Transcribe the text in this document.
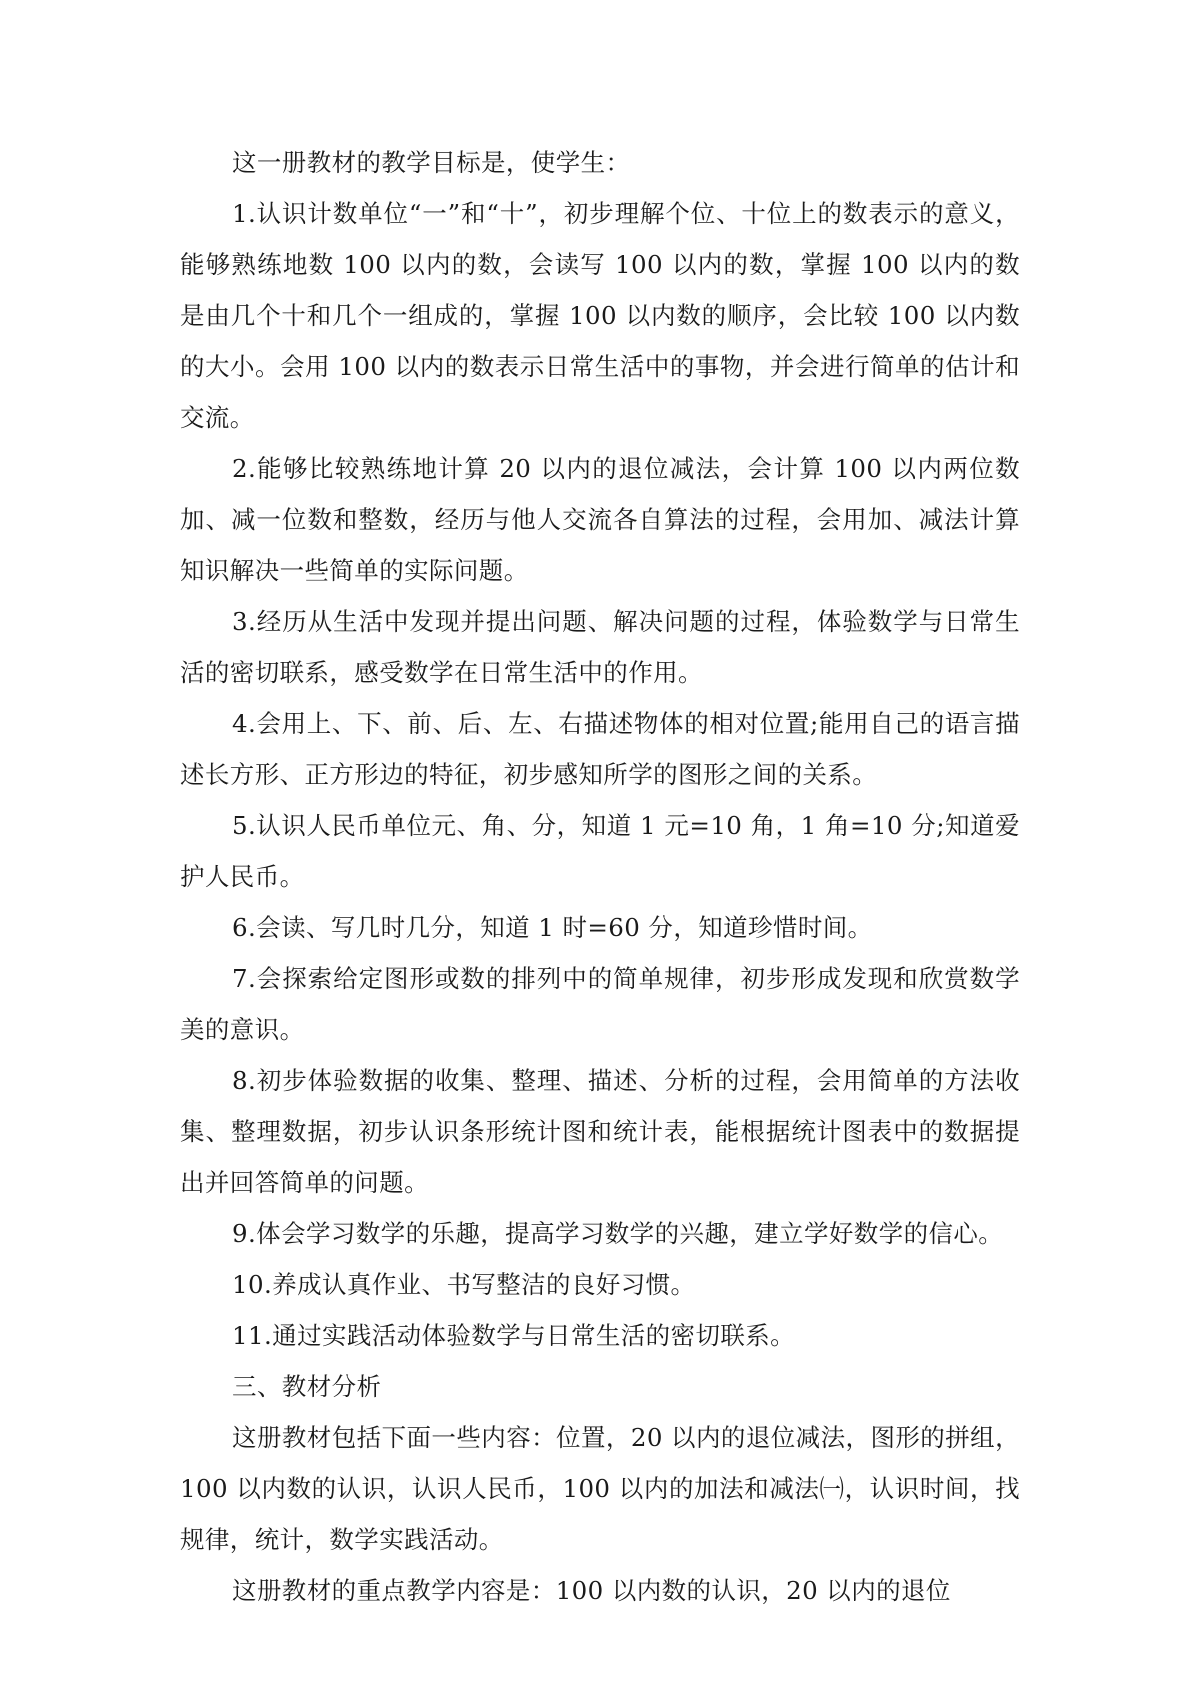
这一册教材的教学目标是，使学生：

1.认识计数单位“一”和“十”，初步理解个位、十位上的数表示的意义，能够熟练地数 100 以内的数，会读写 100 以内的数，掌握 100 以内的数是由几个十和几个一组成的，掌握 100 以内数的顺序，会比较 100 以内数的大小。会用 100 以内的数表示日常生活中的事物，并会进行简单的估计和交流。

2.能够比较熟练地计算 20 以内的退位减法，会计算 100 以内两位数加、减一位数和整数，经历与他人交流各自算法的过程，会用加、减法计算知识解决一些简单的实际问题。

3.经历从生活中发现并提出问题、解决问题的过程，体验数学与日常生活的密切联系，感受数学在日常生活中的作用。

4.会用上、下、前、后、左、右描述物体的相对位置;能用自己的语言描述长方形、正方形边的特征，初步感知所学的图形之间的关系。

5.认识人民币单位元、角、分，知道 1 元=10 角，1 角=10 分;知道爱护人民币。

6.会读、写几时几分，知道 1 时=60 分，知道珍惜时间。

7.会探索给定图形或数的排列中的简单规律，初步形成发现和欣赏数学美的意识。

8.初步体验数据的收集、整理、描述、分析的过程，会用简单的方法收集、整理数据，初步认识条形统计图和统计表，能根据统计图表中的数据提出并回答简单的问题。

9.体会学习数学的乐趣，提高学习数学的兴趣，建立学好数学的信心。

10.养成认真作业、书写整洁的良好习惯。

11.通过实践活动体验数学与日常生活的密切联系。

三、教材分析

这册教材包括下面一些内容：位置，20 以内的退位减法，图形的拼组，100 以内数的认识，认识人民币，100 以内的加法和减法㈠，认识时间，找规律，统计，数学实践活动。

这册教材的重点教学内容是：100 以内数的认识，20 以内的退位
